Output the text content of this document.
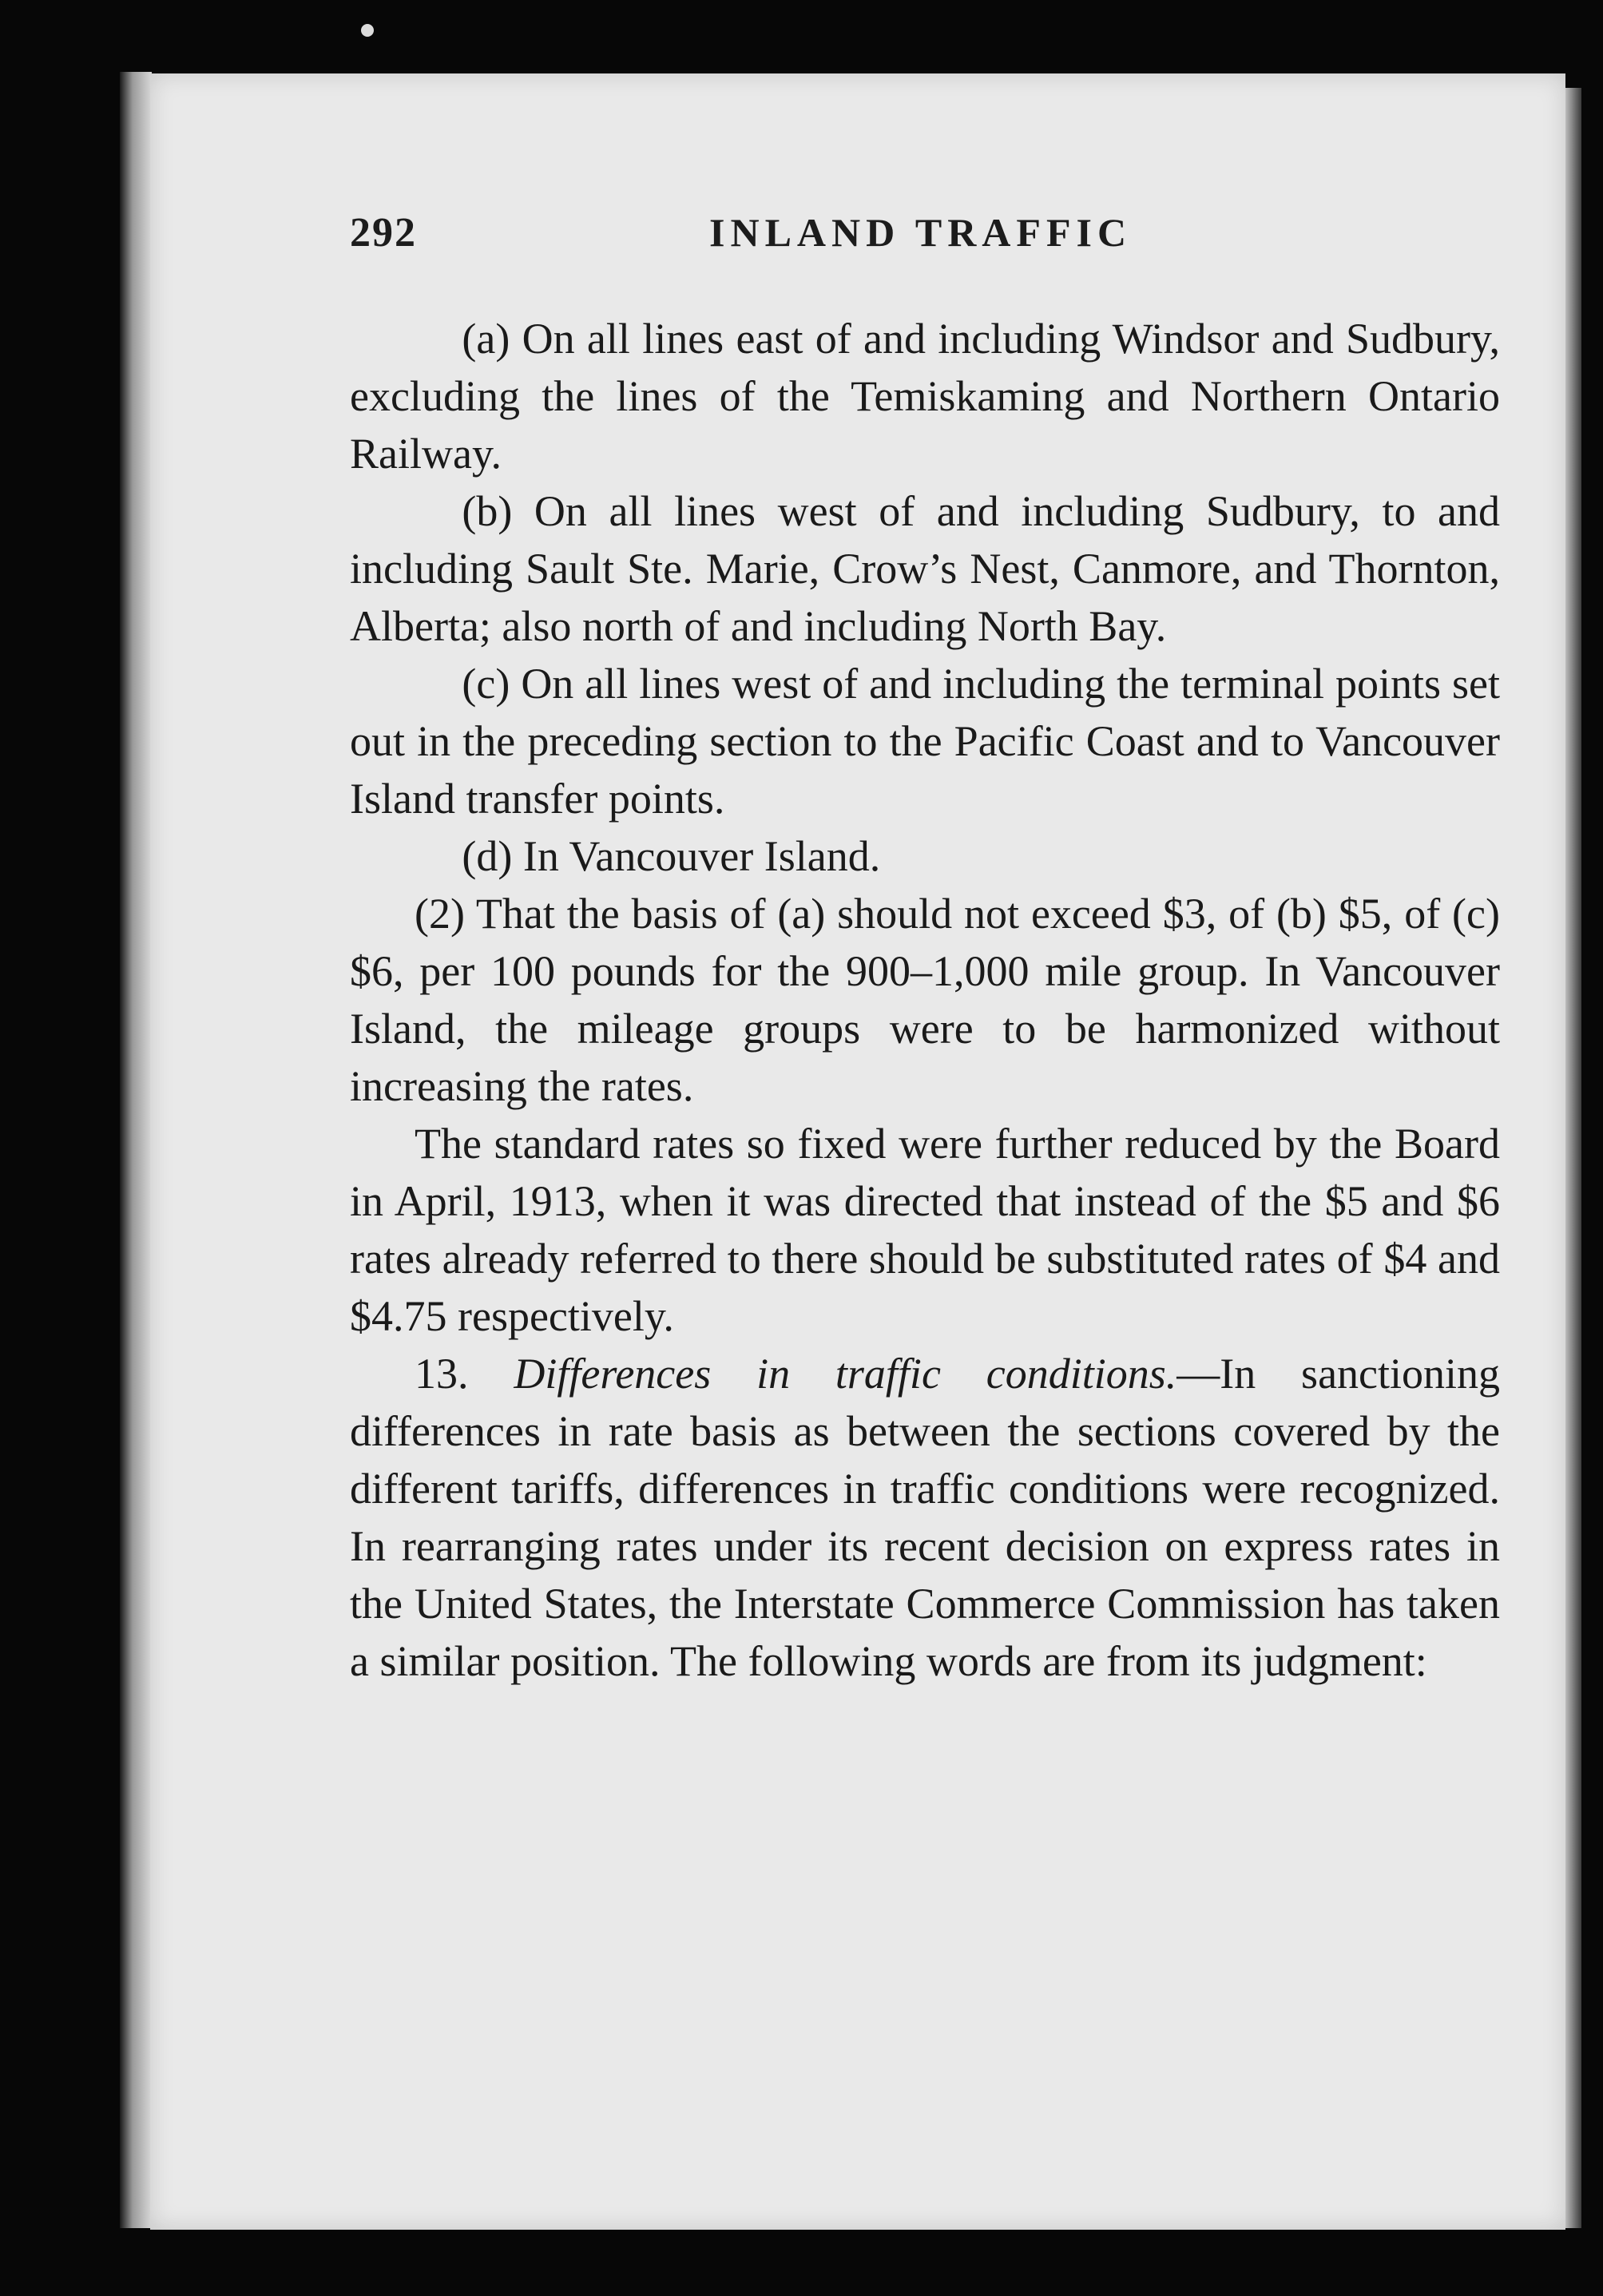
292	INLAND TRAFFIC

(a) On all lines east of and including Windsor and Sudbury, excluding the lines of the Temiskaming and Northern Ontario Railway.

(b) On all lines west of and including Sudbury, to and including Sault Ste. Marie, Crow’s Nest, Canmore, and Thornton, Alberta; also north of and including North Bay.

(c) On all lines west of and including the terminal points set out in the preceding section to the Pacific Coast and to Vancouver Island transfer points.

(d) In Vancouver Island.

(2) That the basis of (a) should not exceed $3, of (b) $5, of (c) $6, per 100 pounds for the 900–1,000 mile group. In Vancouver Island, the mileage groups were to be harmonized without increasing the rates.

The standard rates so fixed were further reduced by the Board in April, 1913, when it was directed that instead of the $5 and $6 rates already referred to there should be substituted rates of $4 and $4.75 respectively.

13. Differences in traffic conditions.—In sanctioning differences in rate basis as between the sections covered by the different tariffs, differences in traffic conditions were recognized. In rearranging rates under its recent decision on express rates in the United States, the Interstate Commerce Commission has taken a similar position. The following words are from its judgment:
